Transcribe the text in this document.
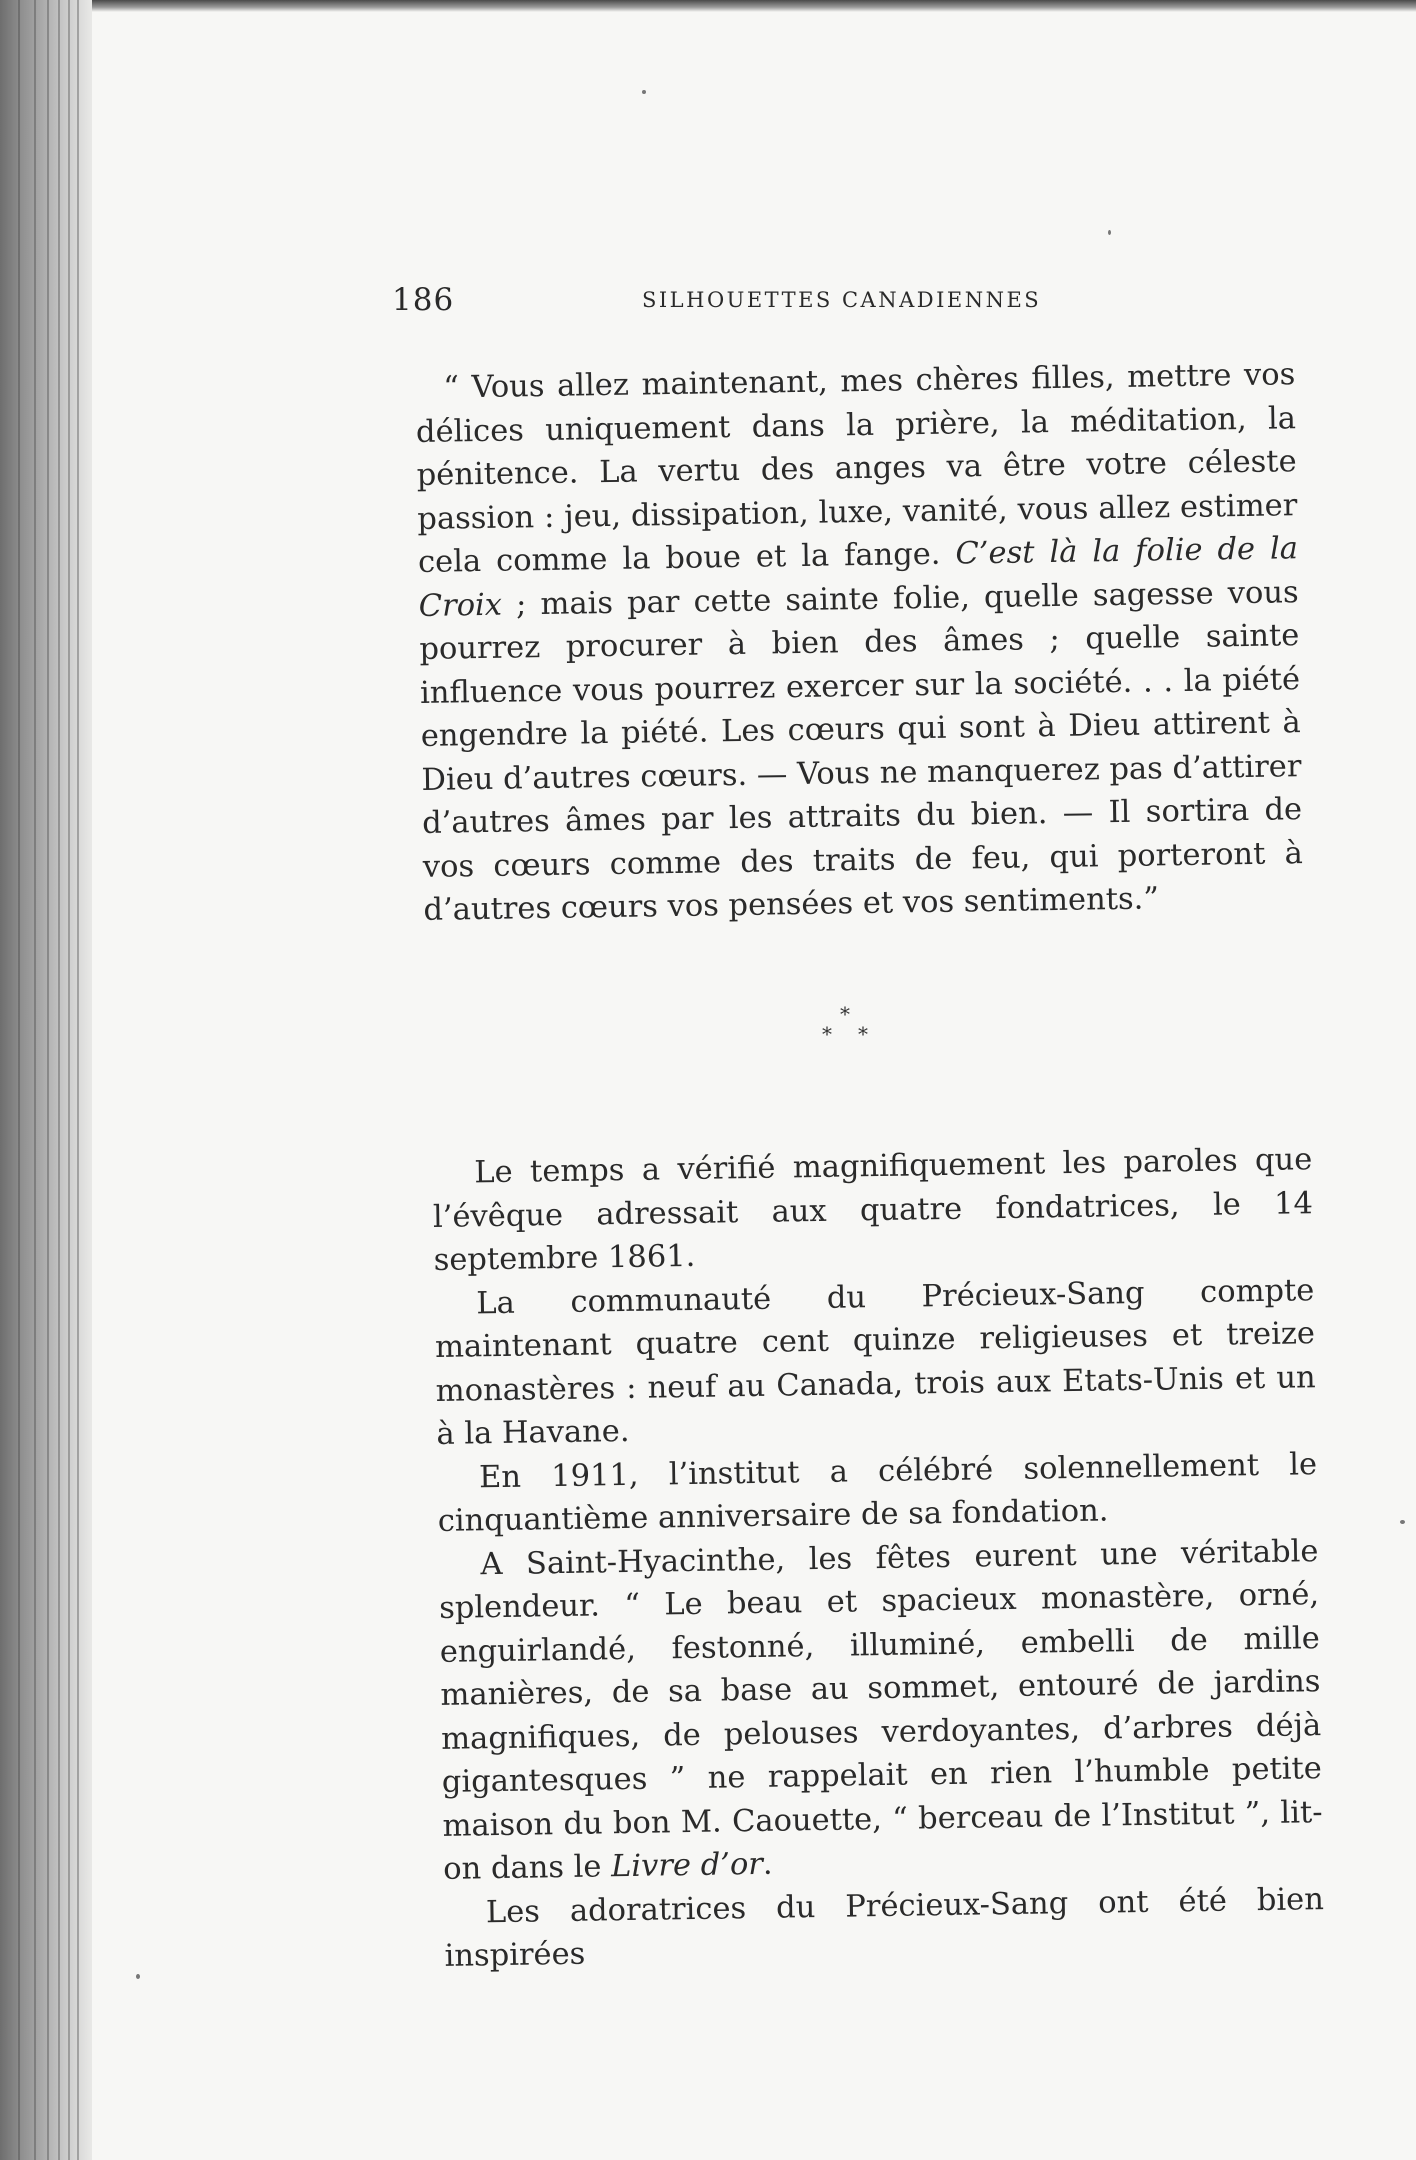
186	SILHOUETTES CANADIENNES

“ Vous allez maintenant, mes chères filles, mettre vos délices uniquement dans la prière, la méditation, la pénitence. La vertu des anges va être votre céleste passion : jeu, dissipation, luxe, vanité, vous allez estimer cela comme la boue et la fange. C’est là la folie de la Croix ; mais par cette sainte folie, quelle sagesse vous pourrez procurer à bien des âmes ; quelle sainte influence vous pourrez exercer sur la société. . . la piété engendre la piété. Les cœurs qui sont à Dieu attirent à Dieu d’autres cœurs. — Vous ne manquerez pas d’attirer d’autres âmes par les attraits du bien. — Il sortira de vos cœurs comme des traits de feu, qui porteront à d’autres cœurs vos pensées et vos sentiments.”

*
* *

Le temps a vérifié magnifiquement les paroles que l’évêque adressait aux quatre fondatrices, le 14 septembre 1861.

La communauté du Précieux-Sang compte maintenant quatre cent quinze religieuses et treize monastères : neuf au Canada, trois aux Etats-Unis et un à la Havane.

En 1911, l’institut a célébré solennellement le cinquantième anniversaire de sa fondation.

A Saint-Hyacinthe, les fêtes eurent une véritable splendeur. “ Le beau et spacieux monastère, orné, enguirlandé, festonné, illuminé, embelli de mille manières, de sa base au sommet, entouré de jardins magnifiques, de pelouses verdoyantes, d’arbres déjà gigantesques ” ne rappelait en rien l’humble petite maison du bon M. Caouette, “ berceau de l’Institut ”, lit-on dans le Livre d’or.

Les adoratrices du Précieux-Sang ont été bien inspirées
